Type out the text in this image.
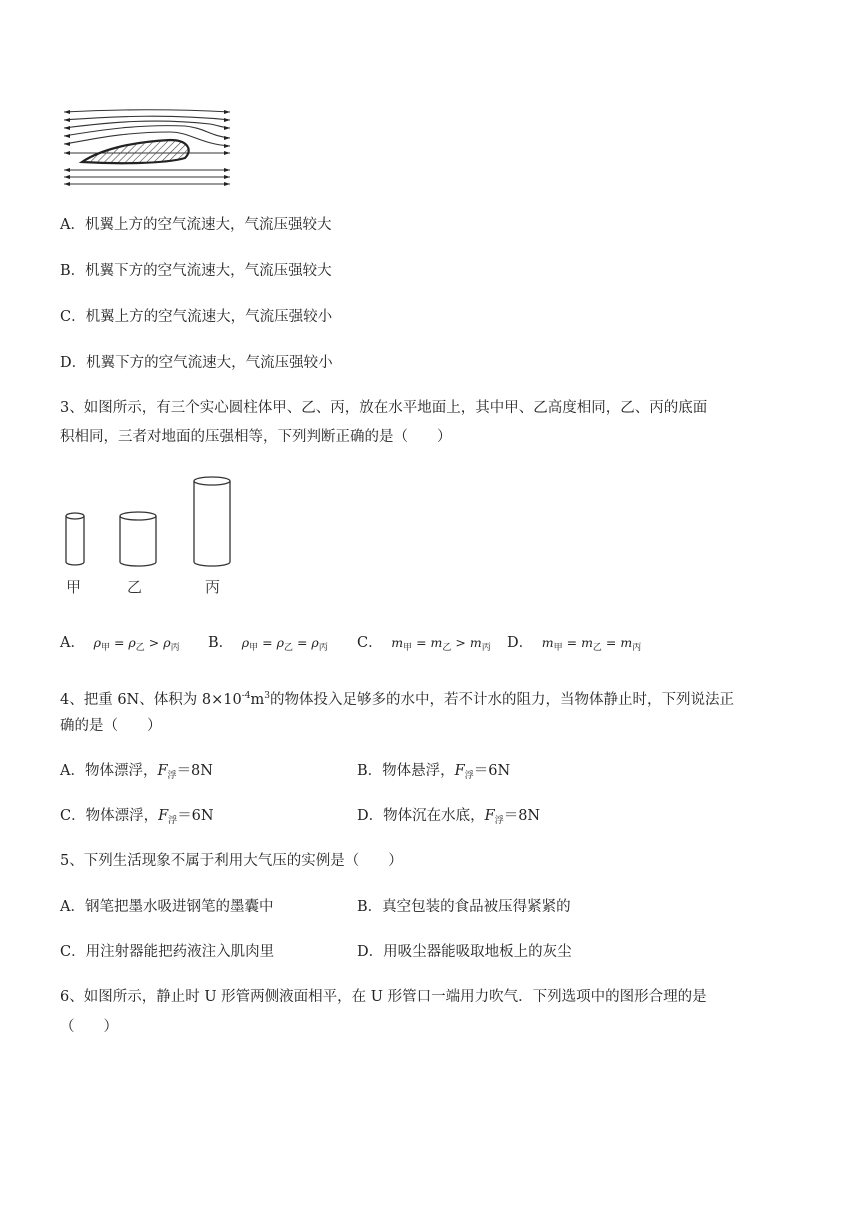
A．机翼上方的空气流速大，气流压强较大
B．机翼下方的空气流速大，气流压强较大
C．机翼上方的空气流速大，气流压强较小
D．机翼下方的空气流速大，气流压强较小
3、如图所示，有三个实心圆柱体甲、乙、丙，放在水平地面上，其中甲、乙高度相同，乙、丙的底面
积相同，三者对地面的压强相等，下列判断正确的是（　　）
甲	乙	丙
A． $\rho_甲 = \rho_乙 > \rho_丙$ B． $\rho_甲 = \rho_乙 = \rho_丙$ C． $m_甲 = m_乙 > m_丙$ D． $m_甲 = m_乙 = m_丙$
4、把重 6N、体积为 $8\times 10^{-4}m^3$的物体投入足够多的水中，若不计水的阻力，当物体静止时，下列说法正
确的是（　　）
A．物体漂浮，$F_浮=8N$	B．物体悬浮，$F_浮=6N$
C．物体漂浮，$F_浮=6N$	D．物体沉在水底，$F_浮=8N$
5、下列生活现象不属于利用大气压的实例是（　　）
A．钢笔把墨水吸进钢笔的墨囊中	B．真空包装的食品被压得紧紧的
C．用注射器能把药液注入肌肉里	D．用吸尘器能吸取地板上的灰尘
6、如图所示，静止时 U 形管两侧液面相平，在 U 形管口一端用力吹气．下列选项中的图形合理的是
（　　）
